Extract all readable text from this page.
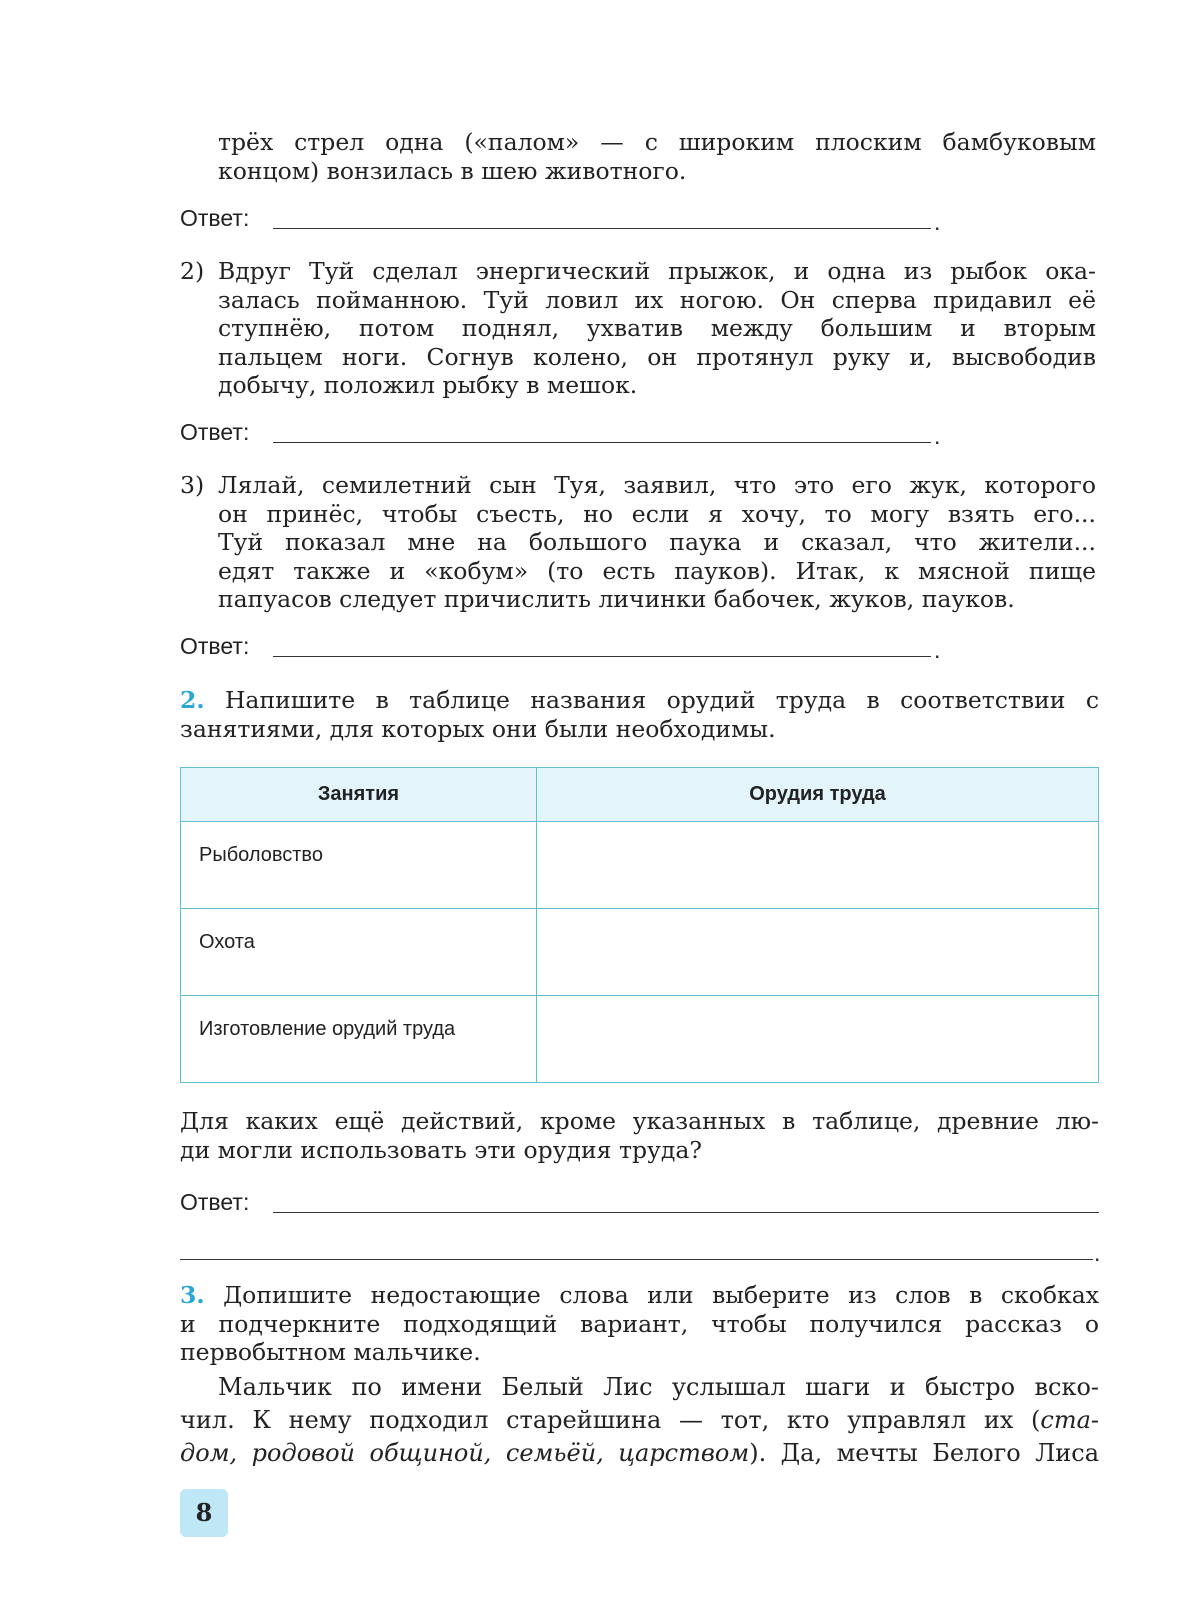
трёх стрел одна («палом» — с широким плоским бамбуковым

концом) вонзилась в шею животного.

Ответ:	.
2) Вдруг Туй сделал энергический прыжок, и одна из рыбок ока-

залась пойманною. Туй ловил их ногою. Он сперва придавил её

ступнёю, потом поднял, ухватив между большим и вторым

пальцем ноги. Согнув колено, он протянул руку и, высвободив

добычу, положил рыбку в мешок.

Ответ:	.
3) Лялай, семилетний сын Туя, заявил, что это его жук, которого

он принёс, чтобы съесть, но если я хочу, то могу взять его...

Туй показал мне на большого паука и сказал, что жители...

едят также и «кобум» (то есть пауков). Итак, к мясной пище

папуасов следует причислить личинки бабочек, жуков, пауков.

Ответ:	.

2. Напишите в таблице названия орудий труда в соответствии с

занятиями, для которых они были необходимы.

Занятия	Орудия труда
Рыболовство	
Охота	
Изготовление орудий труда	

Для каких ещё действий, кроме указанных в таблице, древние лю-

ди могли использовать эти орудия труда?

Ответ:
.

3. Допишите недостающие слова или выберите из слов в скобках

и подчеркните подходящий вариант, чтобы получился рассказ о

первобытном мальчике.

Мальчик по имени Белый Лис услышал шаги и быстро вско-

чил. К нему подходил старейшина — тот, кто управлял их (ста-

дом, родовой общиной, семьёй, царством). Да, мечты Белого Лиса

8
